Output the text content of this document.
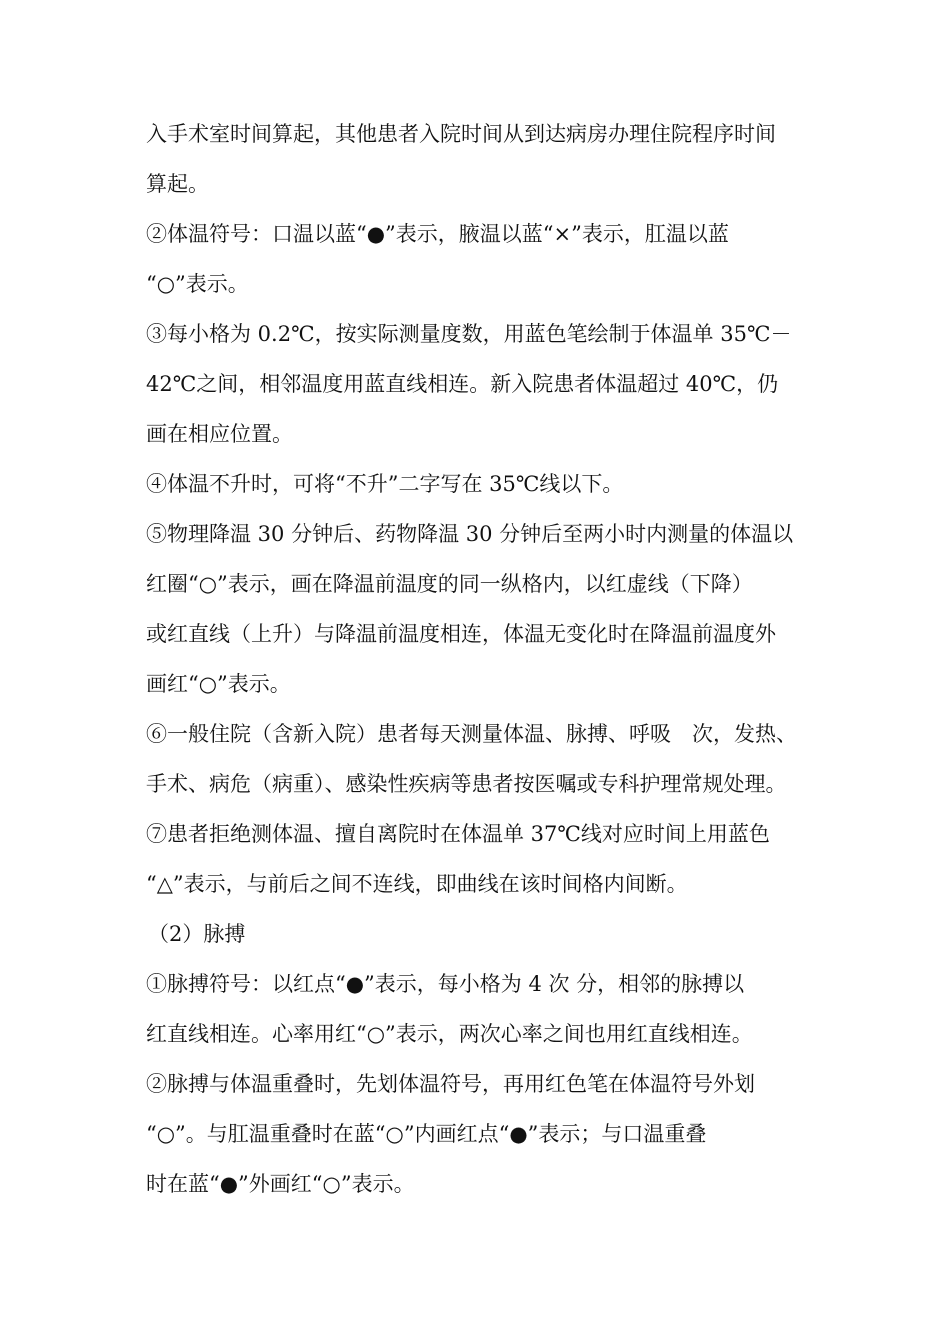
入手术室时间算起，其他患者入院时间从到达病房办理住院程序时间
算起。
②体温符号：口温以蓝“●”表示，腋温以蓝“×”表示，肛温以蓝
“○”表示。
③每小格为 0.2℃，按实际测量度数，用蓝色笔绘制于体温单 35℃－
42℃之间，相邻温度用蓝直线相连。新入院患者体温超过 40℃，仍
画在相应位置。
④体温不升时，可将“不升”二字写在 35℃线以下。
⑤物理降温 30 分钟后、药物降温 30 分钟后至两小时内测量的体温以
红圈“○”表示，画在降温前温度的同一纵格内，以红虚线（下降）
或红直线（上升）与降温前温度相连，体温无变化时在降温前温度外
画红“○”表示。
⑥一般住院（含新入院）患者每天测量体温、脉搏、呼吸　次，发热、
手术、病危（病重）、感染性疾病等患者按医嘱或专科护理常规处理。
⑦患者拒绝测体温、擅自离院时在体温单 37℃线对应时间上用蓝色
“△”表示，与前后之间不连线，即曲线在该时间格内间断。
（2）脉搏
①脉搏符号：以红点“●”表示，每小格为 4 次 分，相邻的脉搏以
红直线相连。心率用红“○”表示，两次心率之间也用红直线相连。
②脉搏与体温重叠时，先划体温符号，再用红色笔在体温符号外划
“○”。与肛温重叠时在蓝“○”内画红点“●”表示；与口温重叠
时在蓝“●”外画红“○”表示。
